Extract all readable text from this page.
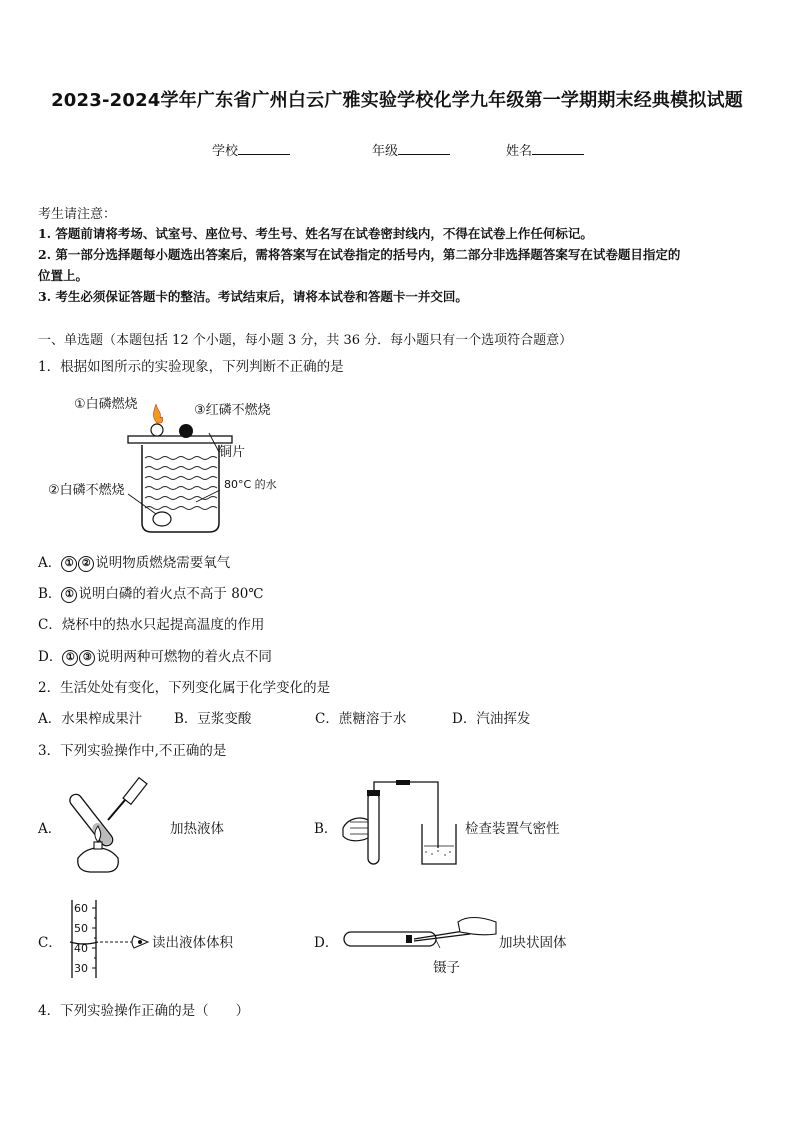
2023-2024学年广东省广州白云广雅实验学校化学九年级第一学期期末经典模拟试题
学校	年级	姓名
考生请注意：
1. 答题前请将考场、试室号、座位号、考生号、姓名写在试卷密封线内，不得在试卷上作任何标记。
2. 第一部分选择题每小题选出答案后，需将答案写在试卷指定的括号内，第二部分非选择题答案写在试卷题目指定的
位置上。
3. 考生必须保证答题卡的整洁。考试结束后，请将本试卷和答题卡一并交回。
一、单选题（本题包括 12 个小题，每小题 3 分，共 36 分．每小题只有一个选项符合题意）
1．根据如图所示的实验现象，下列判断不正确的是
①白磷燃烧	③红磷不燃烧
铜片
②白磷不燃烧	80°C 的水
A． ① ② 说明物质燃烧需要氧气
B． ① 说明白磷的着火点不高于 80℃
C．烧杯中的热水只起提高温度的作用
D． ① ③ 说明两种可燃物的着火点不同
2．生活处处有变化，下列变化属于化学变化的是
A．水果榨成果汁 B．豆浆变酸	C．蔗糖溶于水	D．汽油挥发
3．下列实验操作中,不正确的是
A．	加热液体	B．	检查装置气密性
C．
60
50
40
30
读出液体体积	D．	加块状固体
镊子
4．下列实验操作正确的是（　　）
